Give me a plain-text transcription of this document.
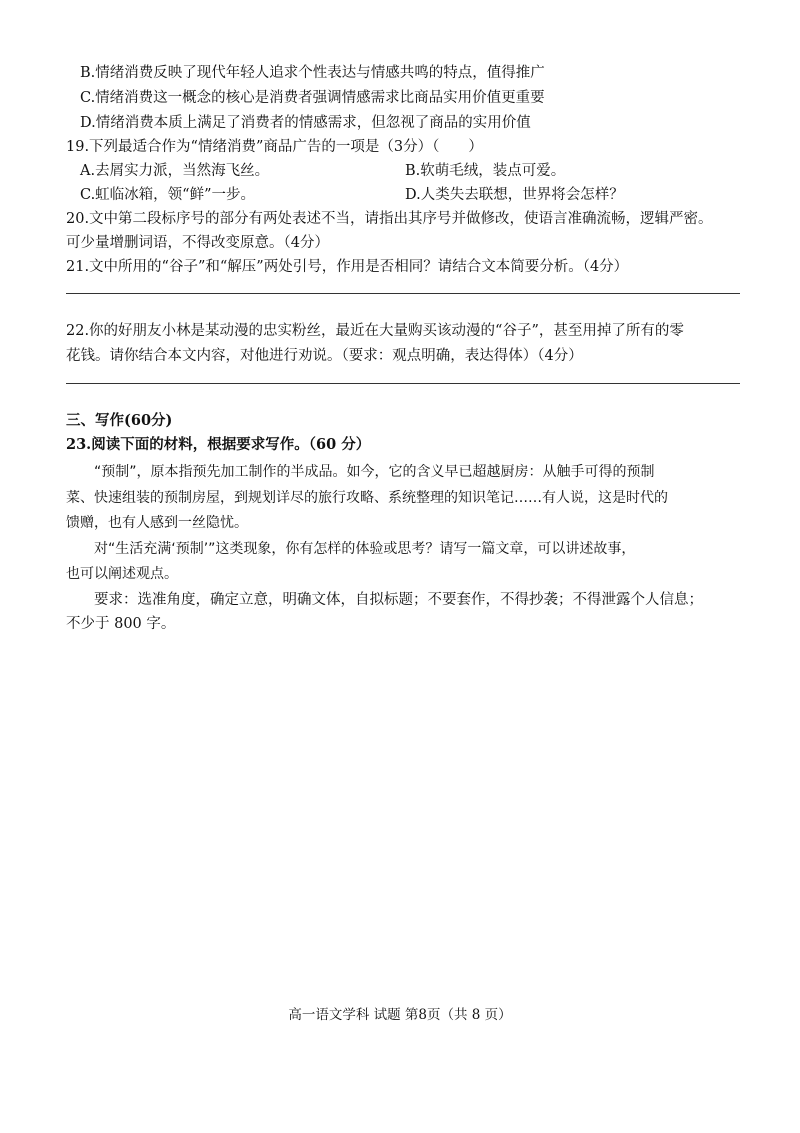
B.情绪消费反映了现代年轻人追求个性表达与情感共鸣的特点，值得推广
C.情绪消费这一概念的核心是消费者强调情感需求比商品实用价值更重要
D.情绪消费本质上满足了消费者的情感需求，但忽视了商品的实用价值
19.下列最适合作为“情绪消费”商品广告的一项是（3分）（　　）
A.去屑实力派，当然海飞丝。	B.软萌毛绒，装点可爱。
C.虹临冰箱，领“鲜”一步。	D.人类失去联想，世界将会怎样？
20.文中第二段标序号的部分有两处表述不当，请指出其序号并做修改，使语言准确流畅，逻辑严密。
可少量增删词语，不得改变原意。（4分）
21.文中所用的“谷子”和“解压”两处引号，作用是否相同？请结合文本简要分析。（4分）
22.你的好朋友小林是某动漫的忠实粉丝，最近在大量购买该动漫的“谷子”，甚至用掉了所有的零
花钱。请你结合本文内容，对他进行劝说。（要求：观点明确，表达得体）（4分）
三、写作(60分)
23.阅读下面的材料，根据要求写作。（60 分）
“预制”，原本指预先加工制作的半成品。如今，它的含义早已超越厨房：从触手可得的预制
菜、快速组装的预制房屋，到规划详尽的旅行攻略、系统整理的知识笔记……有人说，这是时代的
馈赠，也有人感到一丝隐忧。
对“生活充满‘预制’”这类现象，你有怎样的体验或思考？请写一篇文章，可以讲述故事，
也可以阐述观点。
要求：选准角度，确定立意，明确文体，自拟标题；不要套作，不得抄袭；不得泄露个人信息；
不少于 800 字。
高一语文学科 试题 第8页（共 8 页）
